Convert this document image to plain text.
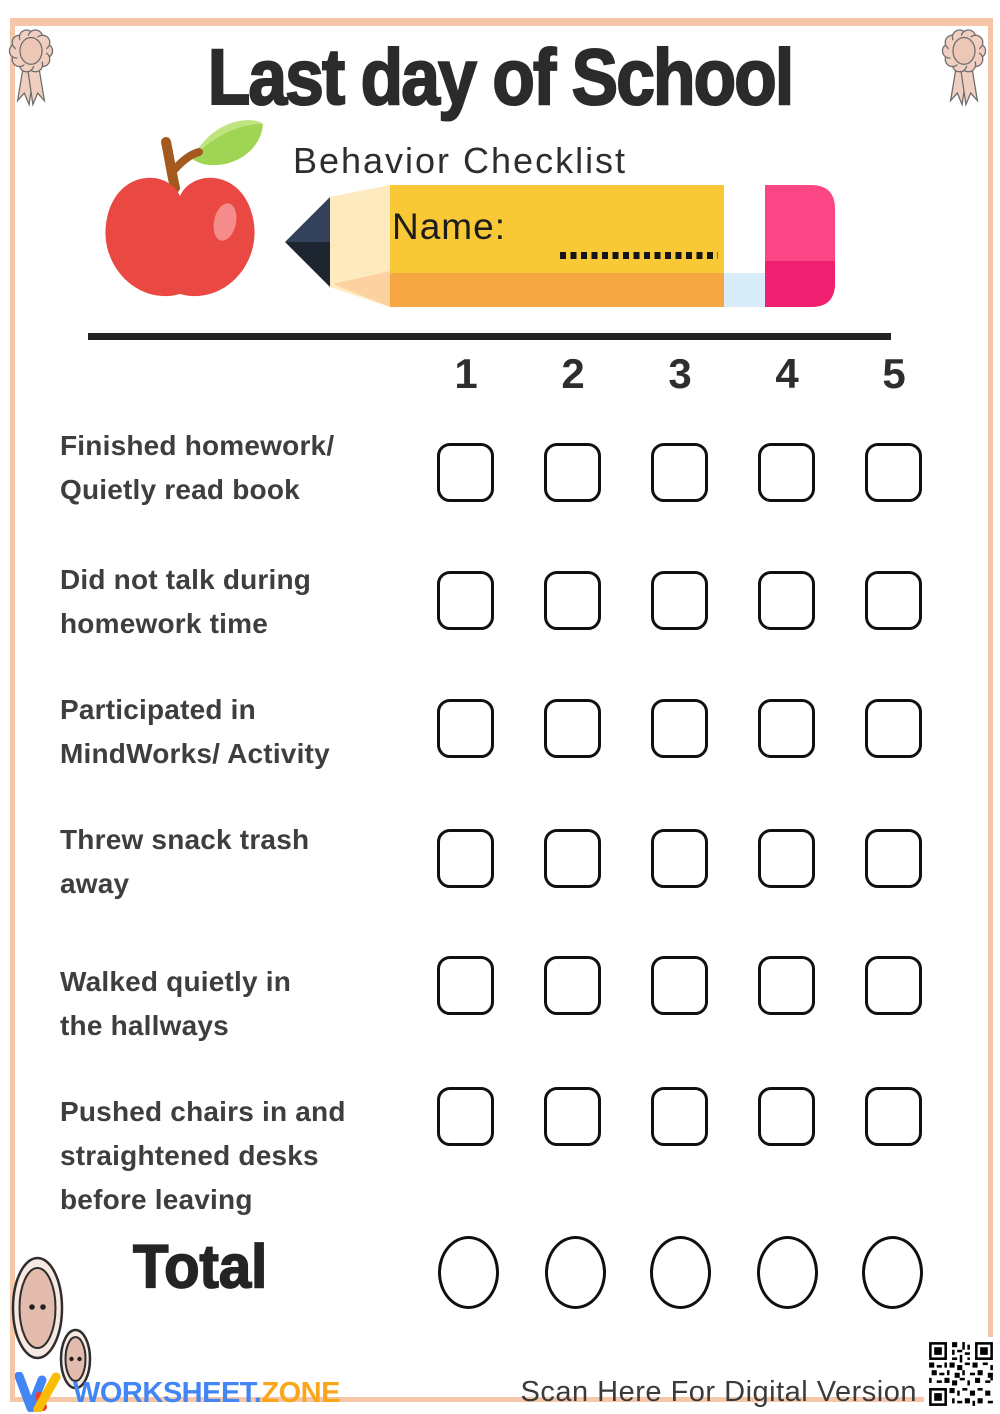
Last day of School
Behavior Checklist
Name:
1	2	3	4	5
Finished homework/
Quietly read book
Did not talk during
homework time
Participated in
MindWorks/ Activity
Threw snack trash
away
Walked quietly in
the hallways
Pushed chairs in and
straightened desks
before leaving
Total
WORKSHEET.ZONE	Scan Here For Digital Version
